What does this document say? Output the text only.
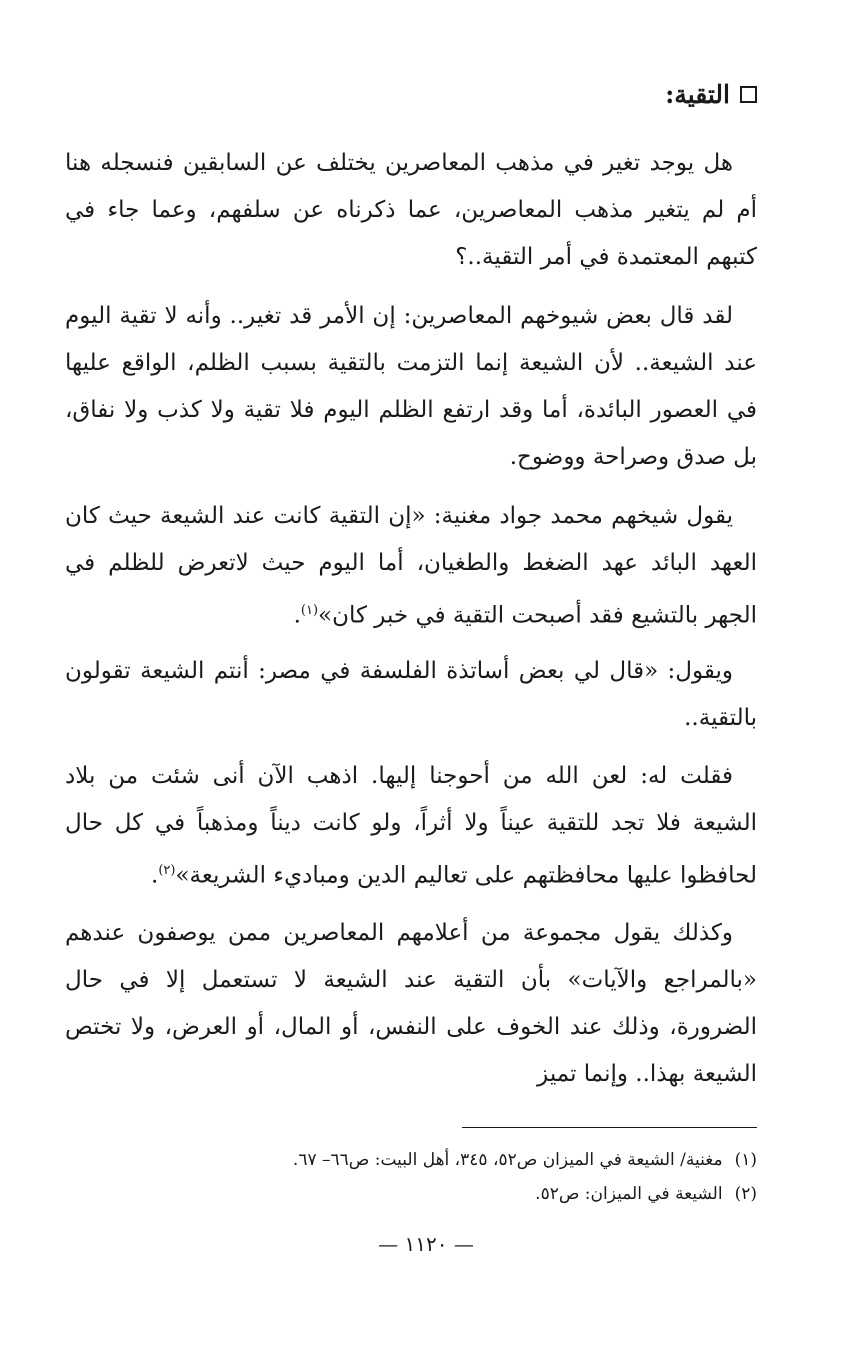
التقية:

هل يوجد تغير في مذهب المعاصرين يختلف عن السابقين فنسجله هنا أم لم يتغير مذهب المعاصرين، عما ذكرناه عن سلفهم، وعما جاء في كتبهم المعتمدة في أمر التقية..؟

لقد قال بعض شيوخهم المعاصرين: إن الأمر قد تغير.. وأنه لا تقية اليوم عند الشيعة.. لأن الشيعة إنما التزمت بالتقية بسبب الظلم، الواقع عليها في العصور البائدة، أما وقد ارتفع الظلم اليوم فلا تقية ولا كذب ولا نفاق، بل صدق وصراحة ووضوح.

يقول شيخهم محمد جواد مغنية: «إن التقية كانت عند الشيعة حيث كان العهد البائد عهد الضغط والطغيان، أما اليوم حيث لاتعرض للظلم في الجهر بالتشيع فقد أصبحت التقية في خبر كان»$^{(١)}$.

ويقول: «قال لي بعض أساتذة الفلسفة في مصر: أنتم الشيعة تقولون بالتقية..

فقلت له: لعن الله من أحوجنا إليها. اذهب الآن أنى شئت من بلاد الشيعة فلا تجد للتقية عيناً ولا أثراً، ولو كانت ديناً ومذهباً في كل حال لحافظوا عليها محافظتهم على تعاليم الدين ومباديء الشريعة»$^{(٢)}$.

وكذلك يقول مجموعة من أعلامهم المعاصرين ممن يوصفون عندهم «بالمراجع والآيات» بأن التقية عند الشيعة لا تستعمل إلا في حال الضرورة، وذلك عند الخوف على النفس، أو المال، أو العرض، ولا تختص الشيعة بهذا.. وإنما تميز

(١)
مغنية/ الشيعة في الميزان ص٥٢، ٣٤٥، أهل البيت: ص٦٦– ٦٧.
(٢)
الشيعة في الميزان: ص٥٢.
— ١١٢٠ —
